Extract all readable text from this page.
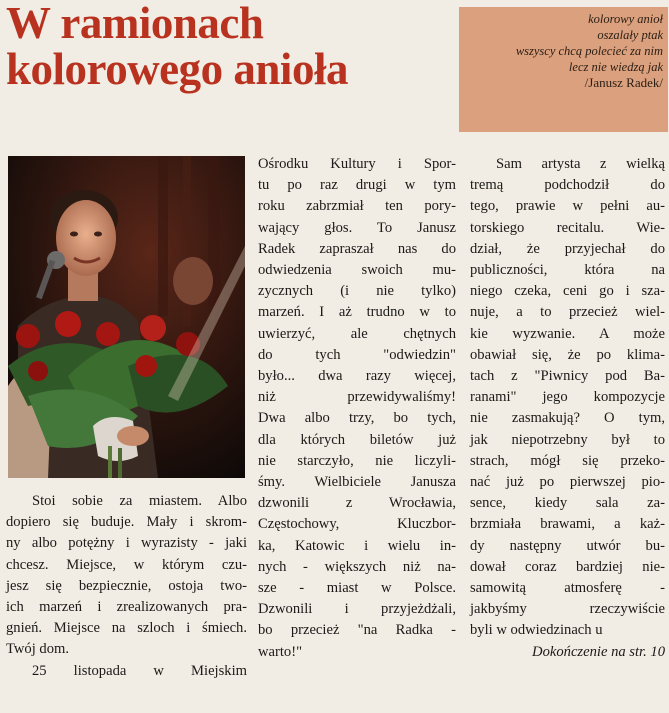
W ramionach
kolorowego anioła
kolorowy anioł
oszalały ptak
wszyscy chcą polecieć za nim
lecz nie wiedzą jak
/Janusz Radek/
Stoi sobie za miastem. Albo
dopiero się buduje. Mały i skrom-
ny albo potężny i wyrazisty - jaki
chcesz. Miejsce, w którym czu-
jesz się bezpiecznie, ostoja two-
ich marzeń i zrealizowanych pra-
gnień. Miejsce na szloch i śmiech.
Twój dom.
25 listopada w Miejskim
Ośrodku Kultury i Spor-
tu po raz drugi w tym
roku zabrzmiał ten pory-
wający głos. To Janusz
Radek zapraszał nas do
odwiedzenia swoich mu-
zycznych (i nie tylko)
marzeń. I aż trudno w to
uwierzyć, ale chętnych
do tych "odwiedzin"
było... dwa razy więcej,
niż przewidywaliśmy!
Dwa albo trzy, bo tych,
dla których biletów już
nie starczyło, nie liczyli-
śmy. Wielbiciele Janusza
dzwonili z Wrocławia,
Częstochowy, Kluczbor-
ka, Katowic i wielu in-
nych - większych niż na-
sze - miast w Polsce.
Dzwonili i przyjeżdżali,
bo przecież "na Radka -
warto!"
Sam artysta z wielką
tremą podchodził do
tego, prawie w pełni au-
torskiego recitalu. Wie-
dział, że przyjechał do
publiczności, która na
niego czeka, ceni go i sza-
nuje, a to przecież wiel-
kie wyzwanie. A może
obawiał się, że po klima-
tach z "Piwnicy pod Ba-
ranami" jego kompozycje
nie zasmakują? O tym,
jak niepotrzebny był to
strach, mógł się przeko-
nać już po pierwszej pio-
sence, kiedy sala za-
brzmiała brawami, a każ-
dy następny utwór bu-
dował coraz bardziej nie-
samowitą atmosferę -
jakbyśmy rzeczywiście
byli w odwiedzinach u
Dokończenie na str. 10
